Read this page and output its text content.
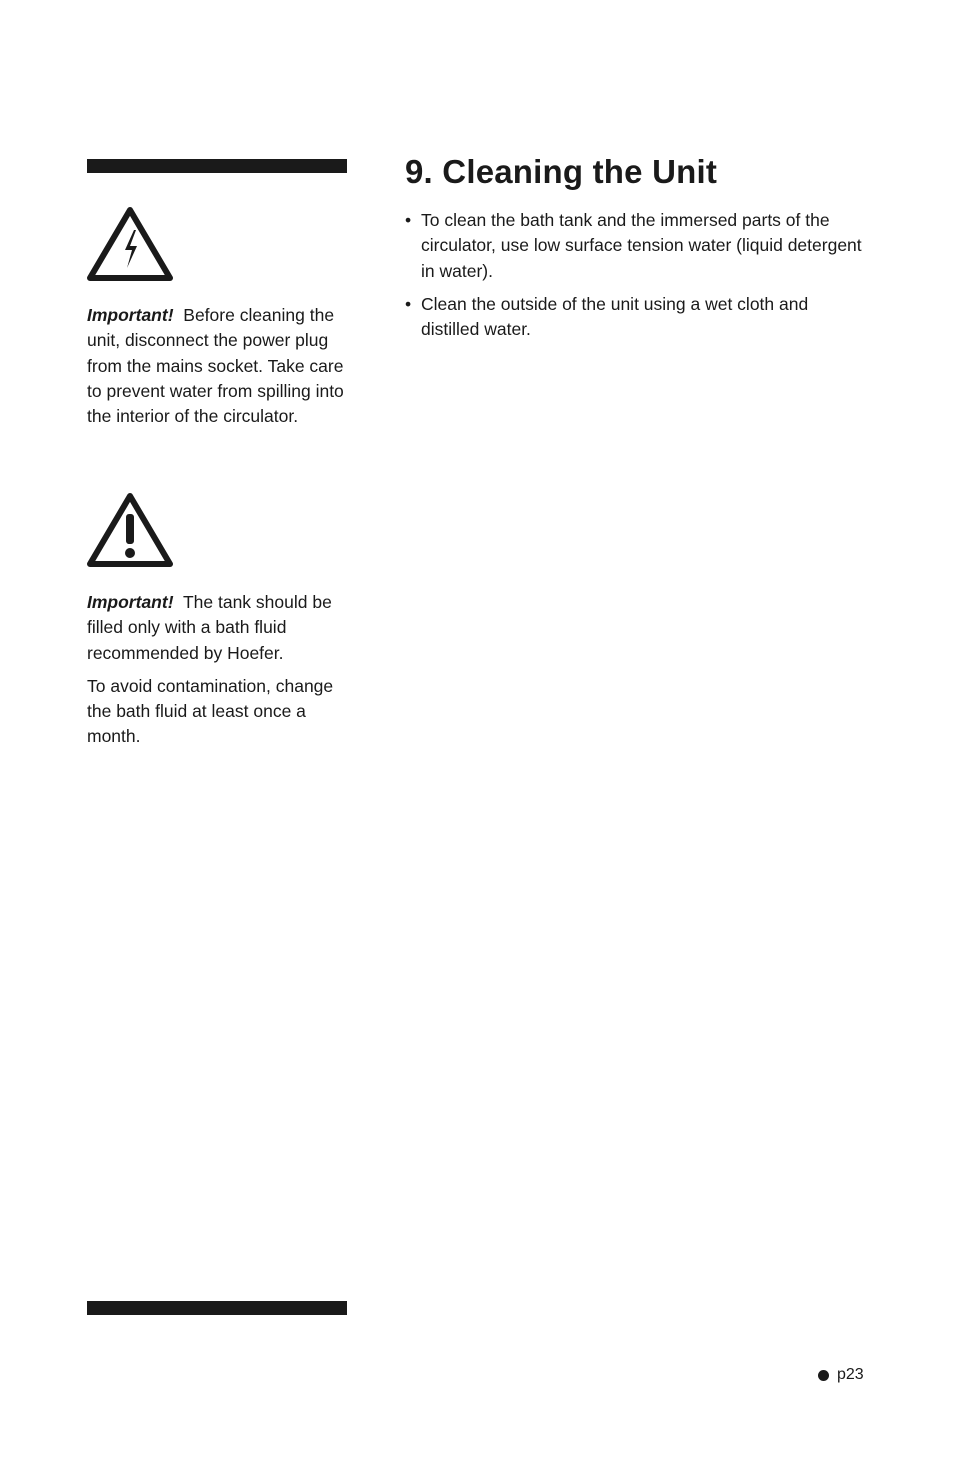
Important! Before cleaning the unit, disconnect the power plug from the mains socket. Take care to prevent water from spilling into the interior of the circulator.

Important! The tank should be filled only with a bath fluid recommended by Hoefer.

To avoid contamination, change the bath fluid at least once a month.

9. Cleaning the Unit
• To clean the bath tank and the immersed parts of the circulator, use low surface tension water (liquid detergent in water).
• Clean the outside of the unit using a wet cloth and distilled water.
p23
